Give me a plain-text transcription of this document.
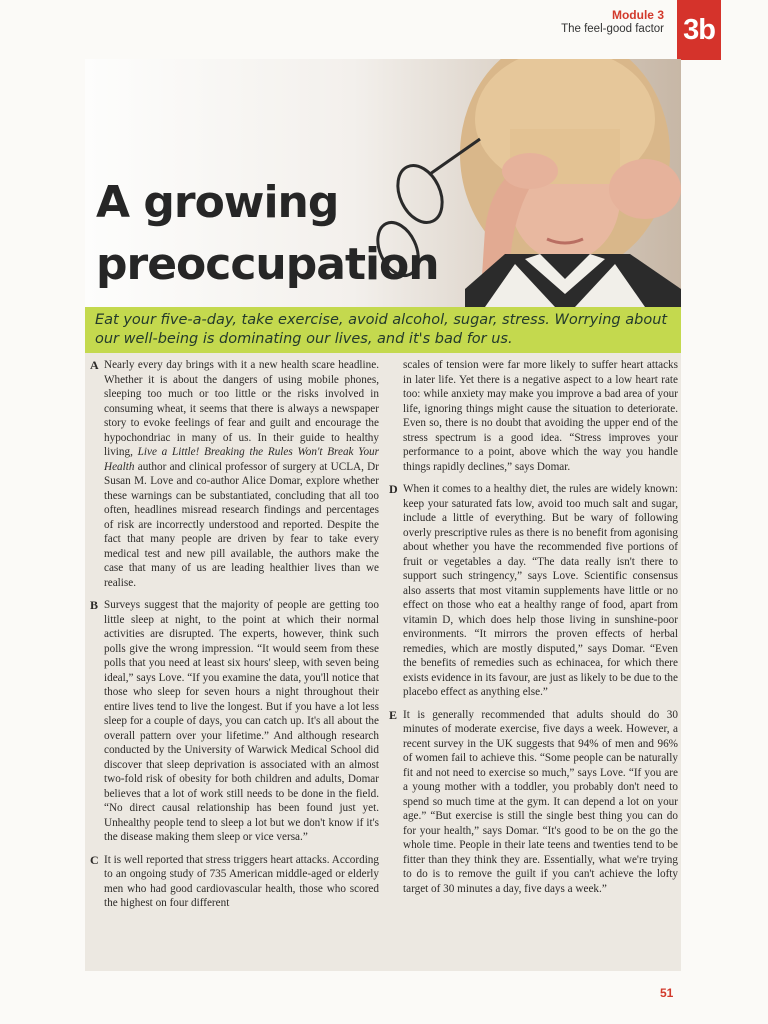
Module 3
The feel-good factor 3b
A growing
preoccupation

Eat your five-a-day, take exercise, avoid alcohol, sugar, stress. Worrying about our well-being is dominating our lives, and it's bad for us.

A Nearly every day brings with it a new health scare headline. Whether it is about the dangers of using mobile phones, sleeping too much or too little or the risks involved in consuming wheat, it seems that there is always a newspaper story to evoke feelings of fear and guilt and encourage the hypochondriac in many of us. In their guide to healthy living, Live a Little! Breaking the Rules Won't Break Your Health author and clinical professor of surgery at UCLA, Dr Susan M. Love and co-author Alice Domar, explore whether these warnings can be substantiated, concluding that all too often, headlines misread research findings and percentages of risk are incorrectly understood and reported. Despite the fact that many people are driven by fear to take every medical test and new pill available, the authors make the case that many of us are leading healthier lives than we realise.

B Surveys suggest that the majority of people are getting too little sleep at night, to the point at which their normal activities are disrupted. The experts, however, think such polls give the wrong impression. “It would seem from these polls that you need at least six hours' sleep, with seven being ideal,” says Love. “If you examine the data, you'll notice that those who sleep for seven hours a night throughout their entire lives tend to live the longest. But if you have a lot less sleep for a couple of days, you can catch up. It's all about the overall pattern over your lifetime.” And although research conducted by the University of Warwick Medical School did discover that sleep deprivation is associated with an almost two-fold risk of obesity for both children and adults, Domar believes that a lot of work still needs to be done in the field. “No direct causal relationship has been found just yet. Unhealthy people tend to sleep a lot but we don't know if it's the disease making them sleep or vice versa.”

C It is well reported that stress triggers heart attacks. According to an ongoing study of 735 American middle-aged or elderly men who had good cardiovascular health, those who scored the highest on four different

scales of tension were far more likely to suffer heart attacks in later life. Yet there is a negative aspect to a low heart rate too: while anxiety may make you improve a bad area of your life, ignoring things might cause the situation to deteriorate. Even so, there is no doubt that avoiding the upper end of the stress spectrum is a good idea. “Stress improves your performance to a point, above which the way you handle things rapidly declines,” says Domar.

D When it comes to a healthy diet, the rules are widely known: keep your saturated fats low, avoid too much salt and sugar, include a little of everything. But be wary of following overly prescriptive rules as there is no benefit from agonising about whether you have the recommended five portions of fruit or vegetables a day. “The data really isn't there to support such stringency,” says Love. Scientific consensus also asserts that most vitamin supplements have little or no effect on those who eat a healthy range of food, apart from vitamin D, which does help those living in sunshine-poor environments. “It mirrors the proven effects of herbal remedies, which are mostly disputed,” says Domar. “Even the benefits of remedies such as echinacea, for which there exists evidence in its favour, are just as likely to be due to the placebo effect as anything else.”

E It is generally recommended that adults should do 30 minutes of moderate exercise, five days a week. However, a recent survey in the UK suggests that 94% of men and 96% of women fail to achieve this. “Some people can be naturally fit and not need to exercise so much,” says Love. “If you are a young mother with a toddler, you probably don't need to spend so much time at the gym. It can depend a lot on your age.” “But exercise is still the single best thing you can do for your health,” says Domar. “It's good to be on the go the whole time. People in their late teens and twenties tend to be fitter than they think they are. Essentially, what we're trying to do is to remove the guilt if you can't achieve the lofty target of 30 minutes a day, five days a week.”

51
